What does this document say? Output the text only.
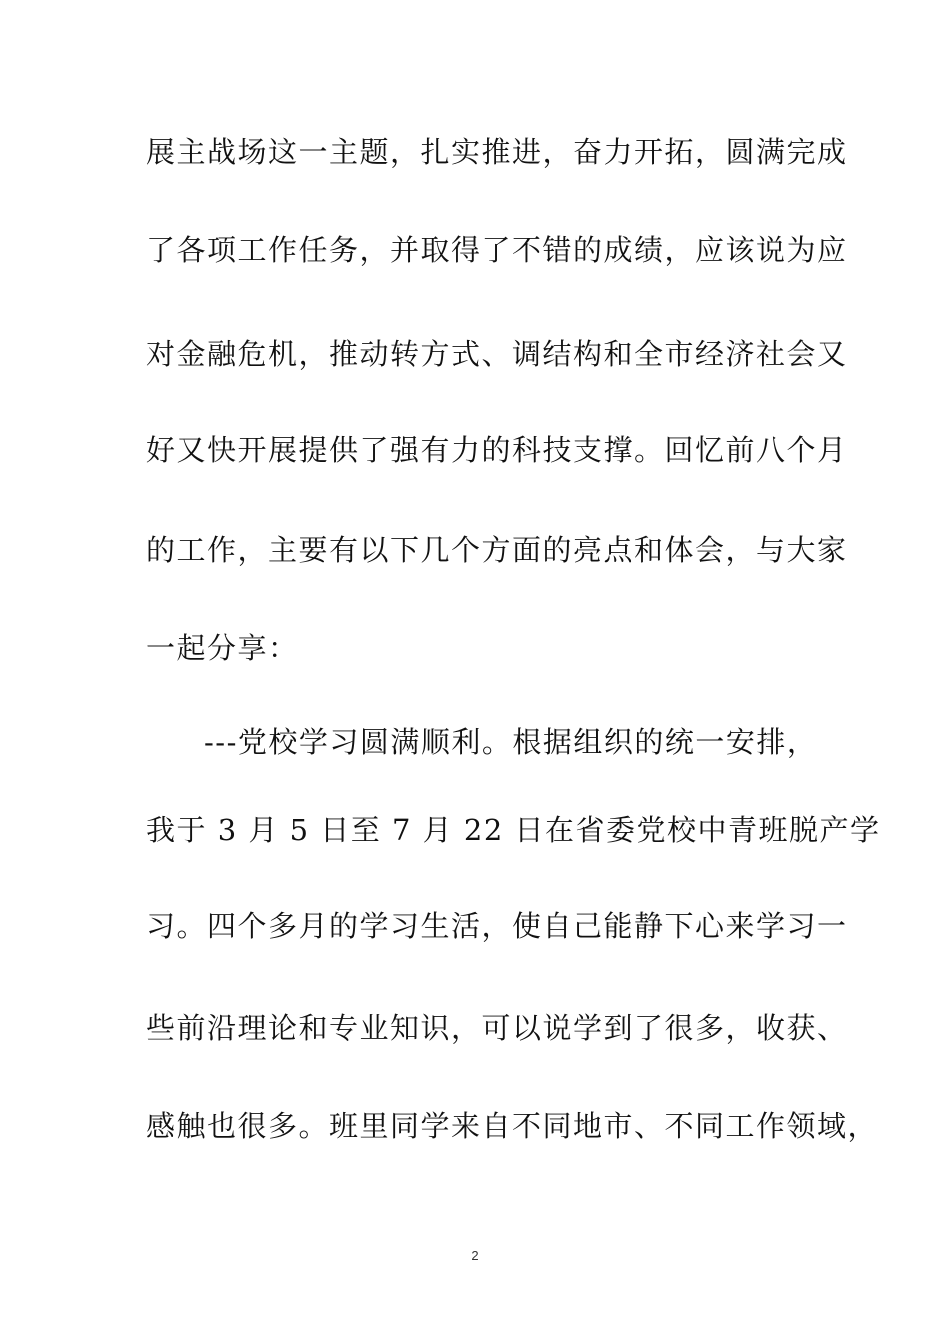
展主战场这一主题，扎实推进，奋力开拓，圆满完成
了各项工作任务，并取得了不错的成绩，应该说为应
对金融危机，推动转方式、调结构和全市经济社会又
好又快开展提供了强有力的科技支撑。回忆前八个月
的工作，主要有以下几个方面的亮点和体会，与大家
一起分享：
---党校学习圆满顺利。根据组织的统一安排，
我于 3 月 5 日至 7 月 22 日在省委党校中青班脱产学
习。四个多月的学习生活，使自己能静下心来学习一
些前沿理论和专业知识，可以说学到了很多，收获、
感触也很多。班里同学来自不同地市、不同工作领域，
2
